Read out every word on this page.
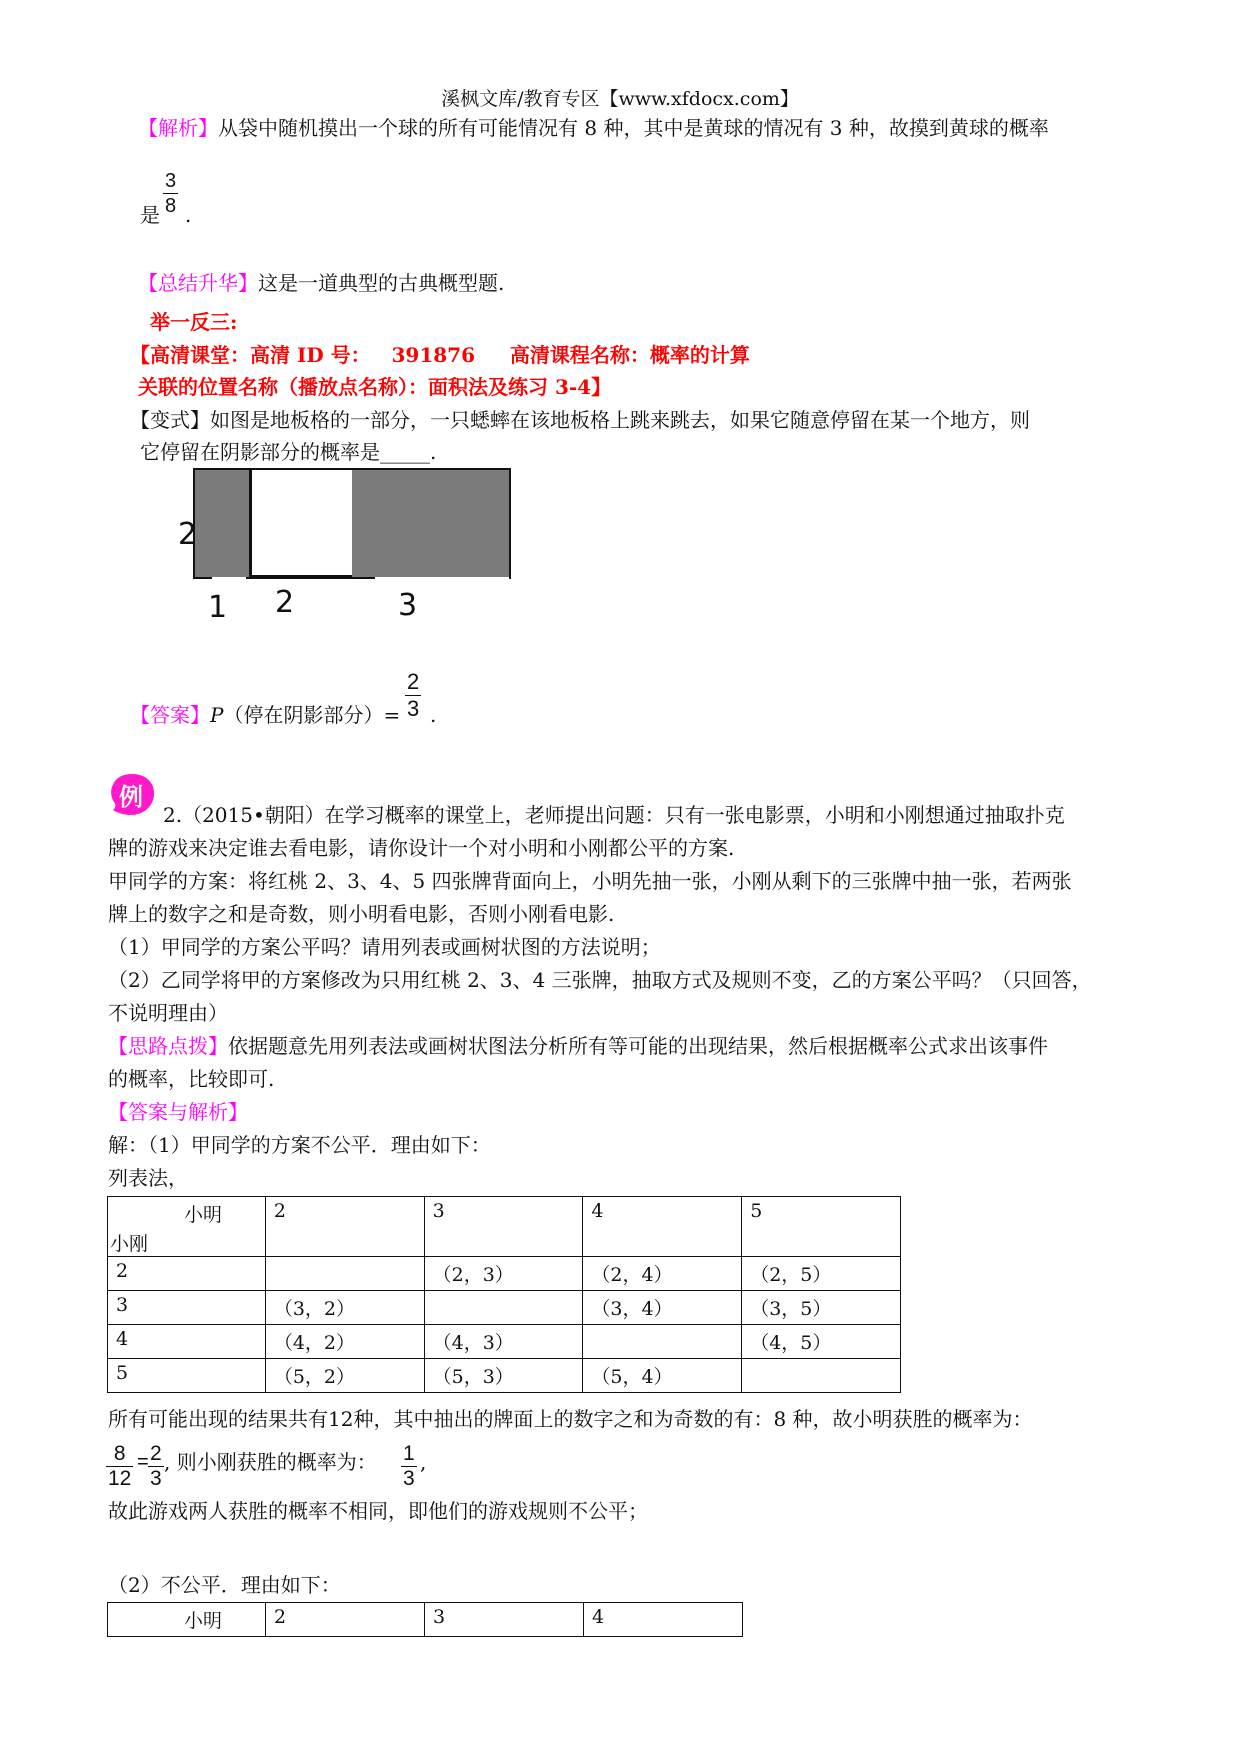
溪枫文库/教育专区【www.xfdocx.com】
【解析】从袋中随机摸出一个球的所有可能情况有 8 种，其中是黄球的情况有 3 种，故摸到黄球的概率
是
3
8 .
【总结升华】这是一道典型的古典概型题.
举一反三:
【高清课堂：高清 ID 号：   391876     高清课程名称：概率的计算
关联的位置名称（播放点名称）：面积法及练习 3-4】
【变式】如图是地板格的一部分，一只蟋蟀在该地板格上跳来跳去，如果它随意停留在某一个地方，则
它停留在阴影部分的概率是_____.
2
1 2	3
【答案】P（停在阴影部分）=
2
3 .
例
2.（2015•朝阳）在学习概率的课堂上，老师提出问题：只有一张电影票，小明和小刚想通过抽取扑克
牌的游戏来决定谁去看电影，请你设计一个对小明和小刚都公平的方案.
甲同学的方案：将红桃 2、3、4、5 四张牌背面向上，小明先抽一张，小刚从剩下的三张牌中抽一张，若两张
牌上的数字之和是奇数，则小明看电影，否则小刚看电影.
（1）甲同学的方案公平吗？请用列表或画树状图的方法说明；
（2）乙同学将甲的方案修改为只用红桃 2、3、4 三张牌，抽取方式及规则不变，乙的方案公平吗？（只回答，
不说明理由）
【思路点拨】依据题意先用列表法或画树状图法分析所有等可能的出现结果，然后根据概率公式求出该事件
的概率，比较即可.
【答案与解析】
解：（1）甲同学的方案不公平．理由如下：
列表法，
小明
小刚	2	3	4	5
2		（2，3）	（2，4）	（2，5）
3	（3，2）		（3，4）	（3，5）
4	（4，2）	（4，3）		（4，5）
5	（5，2）	（5，3）	（5，4）	
所有可能出现的结果共有12种，其中抽出的牌面上的数字之和为奇数的有：8 种，故小明获胜的概率为：
8
12
= 2
3
, 则小刚获胜的概率为： 1
3
,
故此游戏两人获胜的概率不相同，即他们的游戏规则不公平；
（2）不公平．理由如下：
小明	2	3	4
